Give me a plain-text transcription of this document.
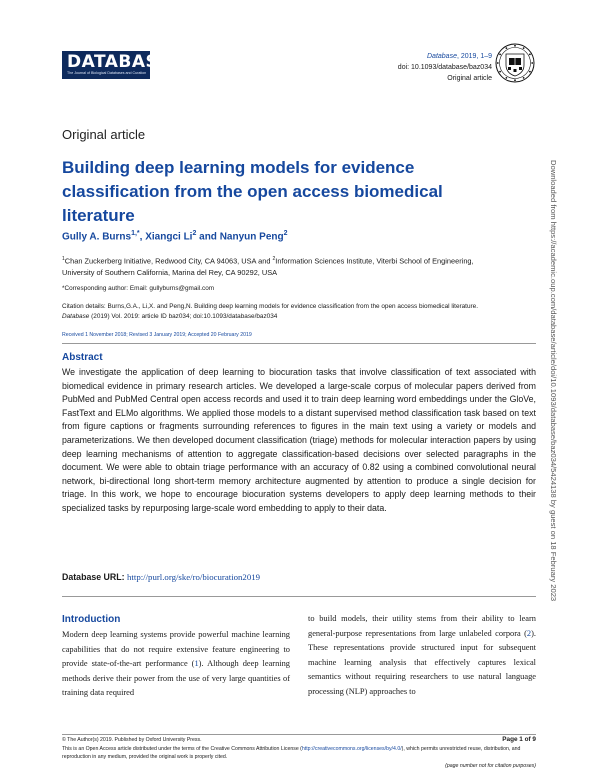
DATABASE
The Journal of Biological Databases and Curation
Database, 2019, 1–9
doi: 10.1093/database/baz034
Original article
Original article
Building deep learning models for evidence classification from the open access biomedical literature
Gully A. Burns$^{1,*}$, Xiangci Li$^2$ and Nanyun Peng$^2$
$^1$Chan Zuckerberg Initiative, Redwood City, CA 94063, USA and $^2$Information Sciences Institute, Viterbi School of Engineering, University of Southern California, Marina del Rey, CA 90292, USA
*Corresponding author: Email: gullyburns@gmail.com
Citation details: Burns,G.A., Li,X. and Peng,N. Building deep learning models for evidence classification from the open access biomedical literature. Database (2019) Vol. 2019: article ID baz034; doi:10.1093/database/baz034
Received 1 November 2018; Revised 3 January 2019; Accepted 20 February 2019
Abstract
We investigate the application of deep learning to biocuration tasks that involve classification of text associated with biomedical evidence in primary research articles. We developed a large-scale corpus of molecular papers derived from PubMed and PubMed Central open access records and used it to train deep learning word embeddings under the GloVe, FastText and ELMo algorithms. We applied those models to a distant supervised method classification task based on text from figure captions or fragments surrounding references to figures in the main text using a variety or models and parameterizations. We then developed document classification (triage) methods for molecular interaction papers by using deep learning mechanisms of attention to aggregate classification-based decisions over selected paragraphs in the document. We were able to obtain triage performance with an accuracy of 0.82 using a combined convolutional neural network, bi-directional long short-term memory architecture augmented by attention to produce a single decision for triage. In this work, we hope to encourage biocuration systems developers to apply deep learning methods to their specialized tasks by repurposing large-scale word embedding to apply to their data.
Database URL: http://purl.org/ske/ro/biocuration2019
Introduction
Modern deep learning systems provide powerful machine learning capabilities that do not require extensive feature engineering to provide state-of-the-art performance (1). Although deep learning methods derive their power from the use of very large quantities of training data required
to build models, their utility stems from their ability to learn general-purpose representations from large unlabeled corpora (2). These representations provide structured input for subsequent machine learning analysis that effectively captures lexical semantics without requiring researchers to use natural language processing (NLP) approaches to
© The Author(s) 2019. Published by Oxford University Press.	Page 1 of 9
This is an Open Access article distributed under the terms of the Creative Commons Attribution License (http://creativecommons.org/licenses/by/4.0/), which permits unrestricted reuse, distribution, and reproduction in any medium, provided the original work is properly cited.
(page number not for citation purposes)
Downloaded from https://academic.oup.com/database/article/doi/10.1093/database/baz034/5424138 by guest on 18 February 2023
